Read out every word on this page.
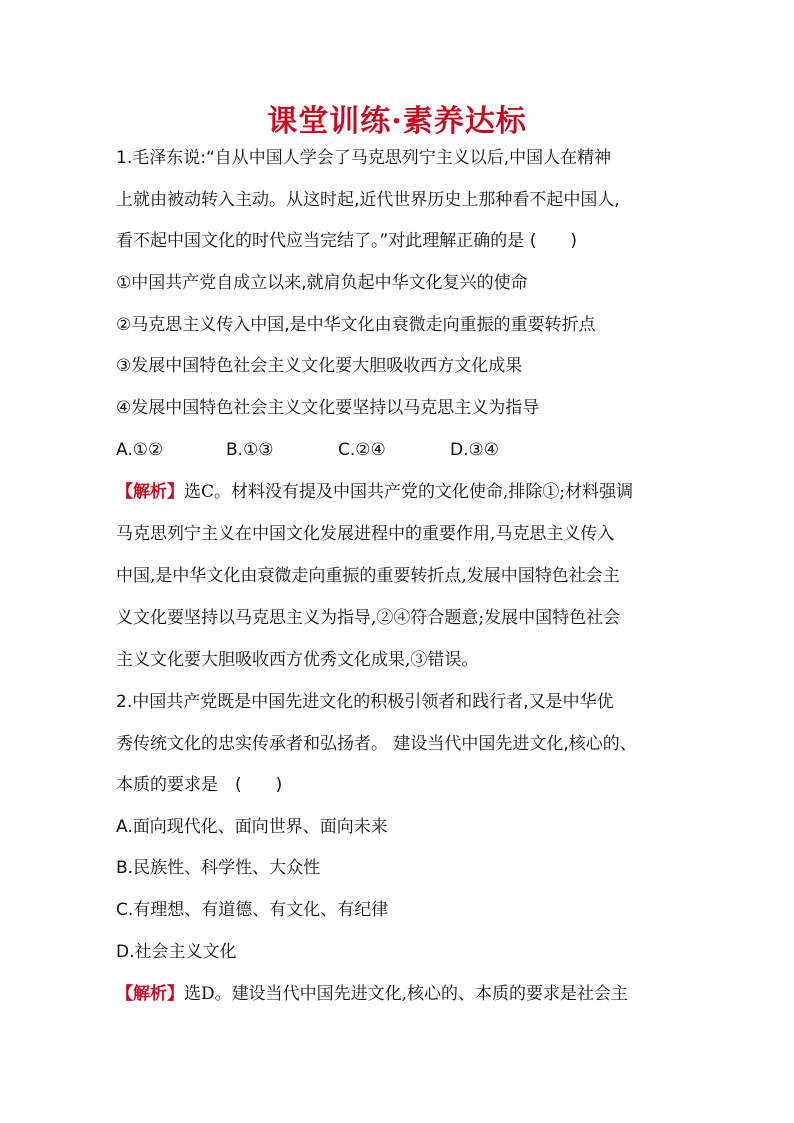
课堂训练·素养达标
1.毛泽东说:“自从中国人学会了马克思列宁主义以后,中国人在精神
上就由被动转入主动。从这时起,近代世界历史上那种看不起中国人,
看不起中国文化的时代应当完结了。”对此理解正确的是 (　　)
①中国共产党自成立以来,就肩负起中华文化复兴的使命
②马克思主义传入中国,是中华文化由衰微走向重振的重要转折点
③发展中国特色社会主义文化要大胆吸收西方文化成果
④发展中国特色社会主义文化要坚持以马克思主义为指导
A.①②	B.①③	C.②④	D.③④
【解析】选C。材料没有提及中国共产党的文化使命,排除①;材料强调
马克思列宁主义在中国文化发展进程中的重要作用,马克思主义传入
中国,是中华文化由衰微走向重振的重要转折点,发展中国特色社会主
义文化要坚持以马克思主义为指导,②④符合题意;发展中国特色社会
主义文化要大胆吸收西方优秀文化成果,③错误。
2.中国共产党既是中国先进文化的积极引领者和践行者,又是中华优
秀传统文化的忠实传承者和弘扬者。 建设当代中国先进文化,核心的、
本质的要求是　(　　)
A.面向现代化、面向世界、面向未来
B.民族性、科学性、大众性
C.有理想、有道德、有文化、有纪律
D.社会主义文化
【解析】选D。建设当代中国先进文化,核心的、本质的要求是社会主
